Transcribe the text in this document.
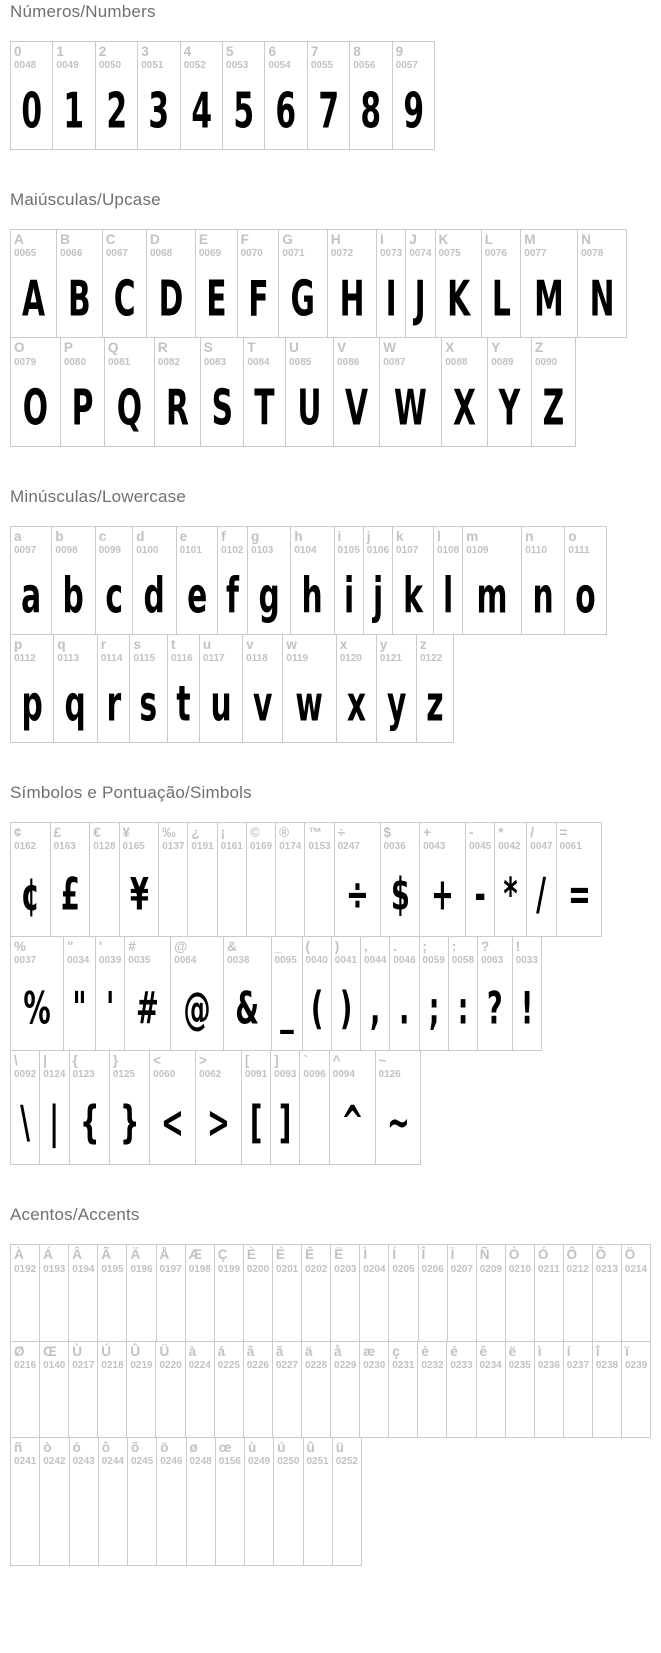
Números/Numbers
0
0048
0
1
0049
1
2
0050
2
3
0051
3
4
0052
4
5
0053
5
6
0054
6
7
0055
7
8
0056
8
9
0057
9
Maiúsculas/Upcase
A
0065
A
B
0066
B
C
0067
C
D
0068
D
E
0069
E
F
0070
F
G
0071
G
H
0072
H
I
0073
I
J
0074
J
K
0075
K
L
0076
L
M
0077
M
N
0078
N
O
0079
O
P
0080
P
Q
0081
Q
R
0082
R
S
0083
S
T
0084
T
U
0085
U
V
0086
V
W
0087
W
X
0088
X
Y
0089
Y
Z
0090
Z
Minúsculas/Lowercase
a
0097
a
b
0098
b
c
0099
c
d
0100
d
e
0101
e
f
0102
f
g
0103
g
h
0104
h
i
0105
i
j
0106
j
k
0107
k
l
0108
l
m
0109
m
n
0110
n
o
0111
o
p
0112
p
q
0113
q
r
0114
r
s
0115
s
t
0116
t
u
0117
u
v
0118
v
w
0119
w
x
0120
x
y
0121
y
z
0122
z
Símbolos e Pontuação/Simbols
¢
0162
¢
£
0163
£
€
0128
¥
0165
¥
‰
0137
¿
0191
¡
0161
©
0169
®
0174
™
0153
÷
0247
÷
$
0036
$
+
0043
+
-
0045
-
*
0042
*
/
0047
/
=
0061
=
%
0037
%
"
0034
"
'
0039
'
#
0035
#
@
0064
@
&
0038
&
_
0095
_
(
0040
(
)
0041
)
,
0044
,
.
0046
.
;
0059
;
:
0058
:
?
0063
?
!
0033
!
\
0092
\
|
0124
|
{
0123
{
}
0125
}
<
0060
<
>
0062
>
[
0091
[
]
0093
]
`
0096
^
0094
^
~
0126
~
Acentos/Accents
À
0192
Á
0193
Â
0194
Ã
0195
Ä
0196
Å
0197
Æ
0198
Ç
0199
È
0200
É
0201
Ê
0202
Ë
0203
Ì
0204
Í
0205
Î
0206
Ï
0207
Ñ
0209
Ò
0210
Ó
0211
Ô
0212
Õ
0213
Ö
0214
Ø
0216
Œ
0140
Ù
0217
Ú
0218
Û
0219
Ü
0220
à
0224
á
0225
â
0226
ã
0227
ä
0228
å
0229
æ
0230
ç
0231
è
0232
é
0233
ê
0234
ë
0235
ì
0236
í
0237
î
0238
ï
0239
ñ
0241
ò
0242
ó
0243
ô
0244
õ
0245
ö
0246
ø
0248
œ
0156
ù
0249
ú
0250
û
0251
ü
0252
